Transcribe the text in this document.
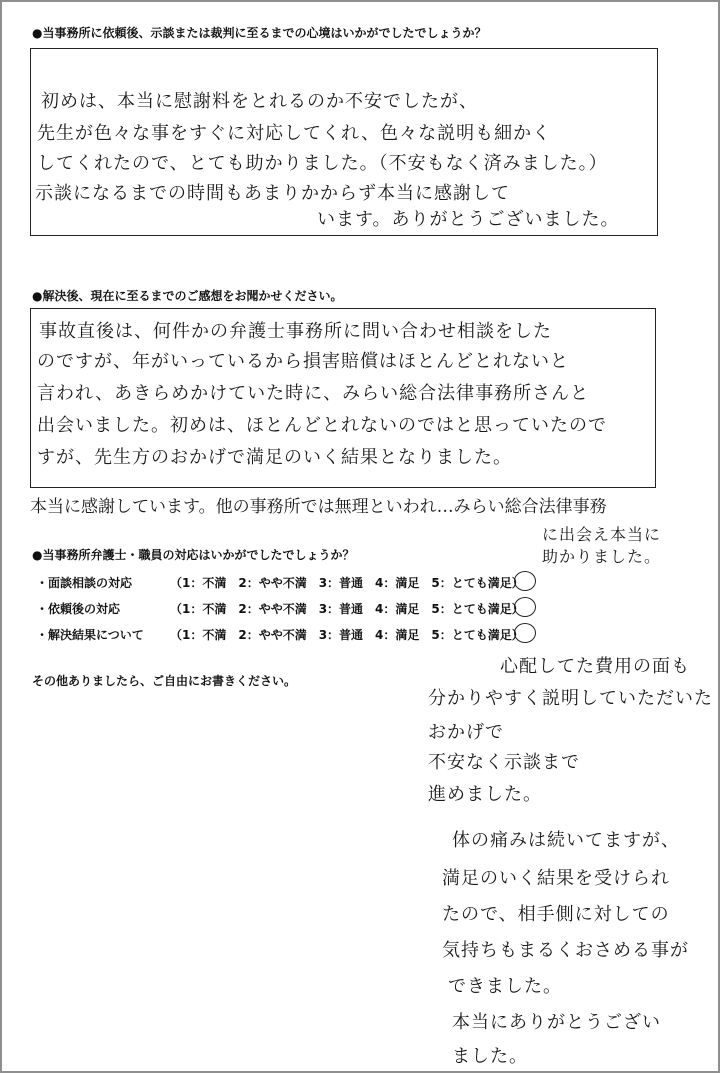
●当事務所に依頼後、示談または裁判に至るまでの心境はいかがでしたでしょうか？
初めは、本当に慰謝料をとれるのか不安でしたが、
先生が色々な事をすぐに対応してくれ、色々な説明も細かく
してくれたので、とても助かりました。（不安もなく済みました。）
示談になるまでの時間もあまりかからず本当に感謝して
います。ありがとうございました。
●解決後、現在に至るまでのご感想をお聞かせください。
事故直後は、何件かの弁護士事務所に問い合わせ相談をした
のですが、年がいっているから損害賠償はほとんどとれないと
言われ、あきらめかけていた時に、みらい総合法律事務所さんと
出会いました。初めは、ほとんどとれないのではと思っていたので
すが、先生方のおかげで満足のいく結果となりました。
本当に感謝しています。他の事務所では無理といわれ…みらい総合法律事務
に出会え本当に
助かりました。
●当事務所弁護士・職員の対応はいかがでしたでしょうか？
・面談相談の対応	（1：不満　2：やや不満　3：普通　4：満足　5：とても満足）
・依頼後の対応	（1：不満　2：やや不満　3：普通　4：満足　5：とても満足）
・解決結果について （1：不満　2：やや不満　3：普通　4：満足　5：とても満足）
その他ありましたら、ご自由にお書きください。
心配してた費用の面も
分かりやすく説明していただいた
おかげで
不安なく示談まで
進めました。
体の痛みは続いてますが、
満足のいく結果を受けられ
たので、相手側に対しての
気持ちもまるくおさめる事が
できました。
本当にありがとうござい
ました。
